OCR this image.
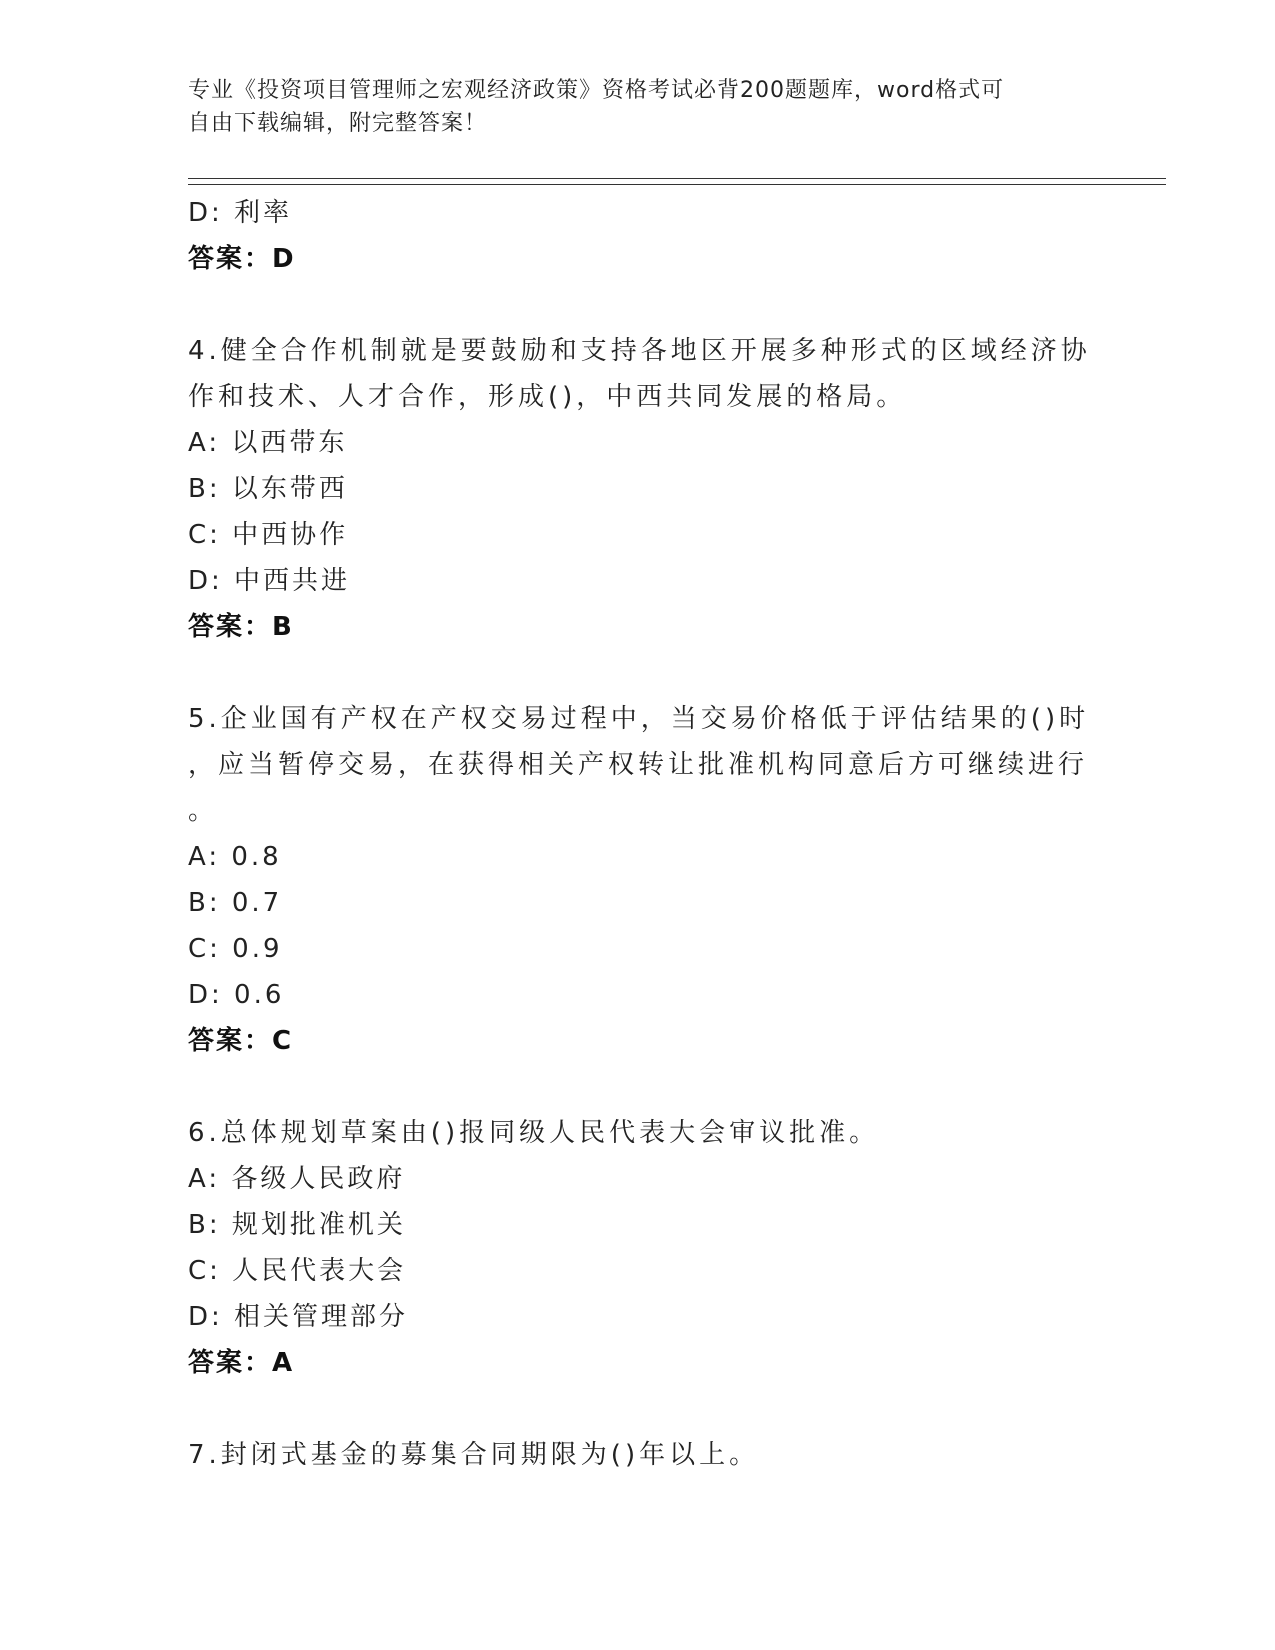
专业《投资项目管理师之宏观经济政策》资格考试必背200题题库，word格式可
自由下载编辑，附完整答案！
D: 利率
答案：D
4.健全合作机制就是要鼓励和支持各地区开展多种形式的区域经济协
作和技术、人才合作，形成()，中西共同发展的格局。
A: 以西带东
B: 以东带西
C: 中西协作
D: 中西共进
答案：B
5.企业国有产权在产权交易过程中，当交易价格低于评估结果的()时
，应当暂停交易，在获得相关产权转让批准机构同意后方可继续进行
。
A: 0.8
B: 0.7
C: 0.9
D: 0.6
答案：C
6.总体规划草案由()报同级人民代表大会审议批准。
A: 各级人民政府
B: 规划批准机关
C: 人民代表大会
D: 相关管理部分
答案：A
7.封闭式基金的募集合同期限为()年以上。
